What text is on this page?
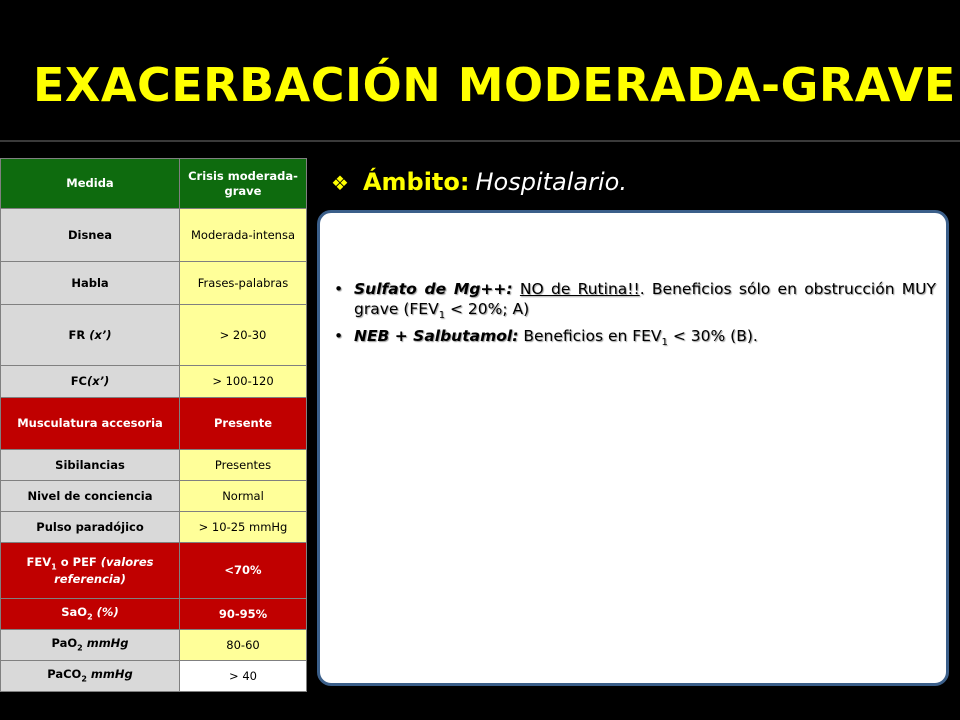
EXACERBACIÓN MODERADA-GRAVE
Medida	Crisis moderada-grave
Disnea	Moderada-intensa
Habla	Frases-palabras
FR (x’)	> 20-30
FC(x’)	> 100-120
Musculatura accesoria	Presente
Sibilancias	Presentes
Nivel de conciencia	Normal
Pulso paradójico	> 10-25 mmHg
$FEV_1$ o PEF (valores referencia)	<70%
SaO$_2$ (%)	90-95%
PaO$_2$ mmHg	80-60
PaCO$_2$ mmHg	> 40
❖ Ámbito: Hospitalario.
• Sulfato de Mg++: NO de Rutina!!. Beneficios sólo en obstrucción MUY grave ($FEV_1 < 20\%$; A)
• NEB + Salbutamol: Beneficios en $FEV_1 < 30\%$ (B).
